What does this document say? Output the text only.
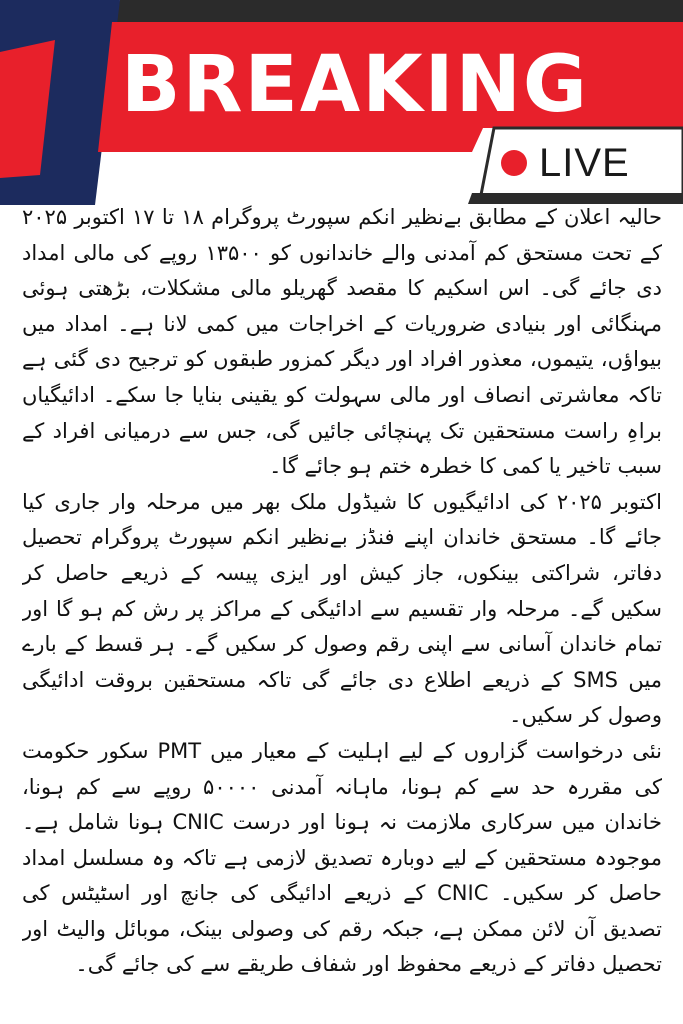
BREAKING
LIVE

حالیہ اعلان کے مطابق بےنظیر انکم سپورٹ پروگرام ۱۸ تا ۱۷ اکتوبر ۲۰۲۵ کے تحت مستحق کم آمدنی والے خاندانوں کو ۱۳۵۰۰ روپے کی مالی امداد دی جائے گی۔ اس اسکیم کا مقصد گھریلو مالی مشکلات، بڑھتی ہوئی مہنگائی اور بنیادی ضروریات کے اخراجات میں کمی لانا ہے۔ امداد میں بیواؤں، یتیموں، معذور افراد اور دیگر کمزور طبقوں کو ترجیح دی گئی ہے تاکہ معاشرتی انصاف اور مالی سہولت کو یقینی بنایا جا سکے۔ ادائیگیاں براہِ راست مستحقین تک پہنچائی جائیں گی، جس سے درمیانی افراد کے سبب تاخیر یا کمی کا خطرہ ختم ہو جائے گا۔

اکتوبر ۲۰۲۵ کی ادائیگیوں کا شیڈول ملک بھر میں مرحلہ وار جاری کیا جائے گا۔ مستحق خاندان اپنے فنڈز بےنظیر انکم سپورٹ پروگرام تحصیل دفاتر، شراکتی بینکوں، جاز کیش اور ایزی پیسہ کے ذریعے حاصل کر سکیں گے۔ مرحلہ وار تقسیم سے ادائیگی کے مراکز پر رش کم ہو گا اور تمام خاندان آسانی سے اپنی رقم وصول کر سکیں گے۔ ہر قسط کے بارے میں SMS کے ذریعے اطلاع دی جائے گی تاکہ مستحقین بروقت ادائیگی وصول کر سکیں۔

نئی درخواست گزاروں کے لیے اہلیت کے معیار میں PMT سکور حکومت کی مقررہ حد سے کم ہونا، ماہانہ آمدنی ۵۰۰۰۰ روپے سے کم ہونا، خاندان میں سرکاری ملازمت نہ ہونا اور درست CNIC ہونا شامل ہے۔ موجودہ مستحقین کے لیے دوبارہ تصدیق لازمی ہے تاکہ وہ مسلسل امداد حاصل کر سکیں۔ CNIC کے ذریعے ادائیگی کی جانچ اور اسٹیٹس کی تصدیق آن لائن ممکن ہے، جبکہ رقم کی وصولی بینک، موبائل والیٹ اور تحصیل دفاتر کے ذریعے محفوظ اور شفاف طریقے سے کی جائے گی۔
